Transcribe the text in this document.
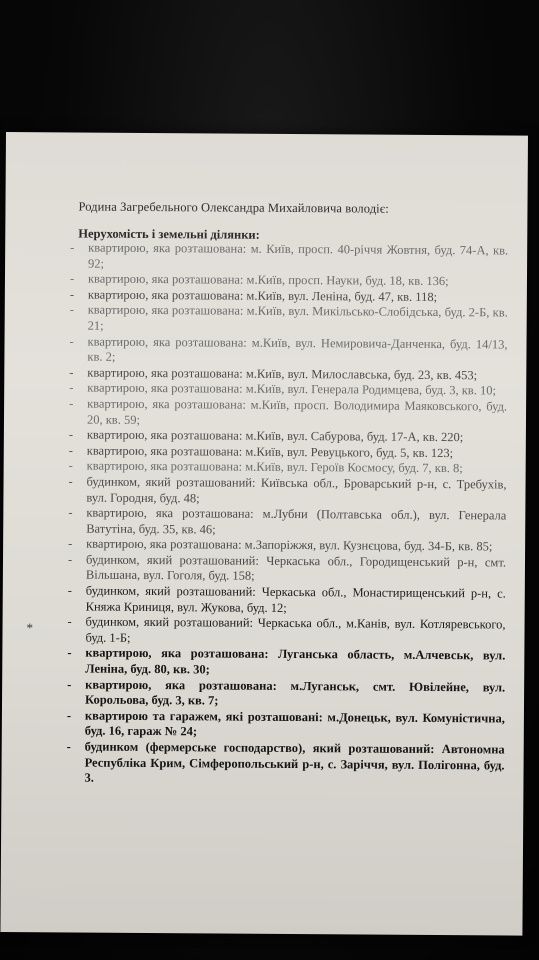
Родина Загребельного Олександра Михайловича володіє:
Нерухомість і земельні ділянки:
- квартирою, яка розташована: м. Київ, просп. 40-річчя Жовтня, буд. 74-А, кв. 92;
- квартирою, яка розташована: м.Київ, просп. Науки, буд. 18, кв. 136;
- квартирою, яка розташована: м.Київ, вул. Леніна, буд. 47, кв. 118;
- квартирою, яка розташована: м.Київ, вул. Микільсько-Слобідська, буд. 2-Б, кв. 21;
- квартирою, яка розташована: м.Київ, вул. Немировича-Данченка, буд. 14/13, кв. 2;
- квартирою, яка розташована: м.Київ, вул. Милославська, буд. 23, кв. 453;
- квартирою, яка розташована: м.Київ, вул. Генерала Родимцева, буд. 3, кв. 10;
- квартирою, яка розташована: м.Київ, просп. Володимира Маяковського, буд. 20, кв. 59;
- квартирою, яка розташована: м.Київ, вул. Сабурова, буд. 17-А, кв. 220;
- квартирою, яка розташована: м.Київ, вул. Ревуцького, буд. 5, кв. 123;
- квартирою, яка розташована: м.Київ, вул. Героїв Космосу, буд. 7, кв. 8;
- будинком, який розташований: Київська обл., Броварський р-н, с. Требухів, вул. Городня, буд. 48;
- квартирою, яка розташована: м.Лубни (Полтавська обл.), вул. Генерала Ватутіна, буд. 35, кв. 46;
- квартирою, яка розташована: м.Запоріжжя, вул. Кузнєцова, буд. 34-Б, кв. 85;
- будинком, який розташований: Черкаська обл., Городищенський р-н, смт. Вільшана, вул. Гоголя, буд. 158;
- будинком, який розташований: Черкаська обл., Монастирищенський р-н, с. Княжа Криниця, вул. Жукова, буд. 12;
- будинком, який розташований: Черкаська обл., м.Канів, вул. Котляревського, буд. 1-Б;
- квартирою, яка розташована: Луганська область, м.Алчевськ, вул. Леніна, буд. 80, кв. 30;
- квартирою, яка розташована: м.Луганськ, смт. Ювілейне, вул. Корольова, буд. 3, кв. 7;
- квартирою та гаражем, які розташовані: м.Донецьк, вул. Комуністична, буд. 16, гараж № 24;
- будинком (фермерське господарство), який розташований: Автономна Республіка Крим, Сімферопольський р-н, с. Заріччя, вул. Полігонна, буд. 3.
*
